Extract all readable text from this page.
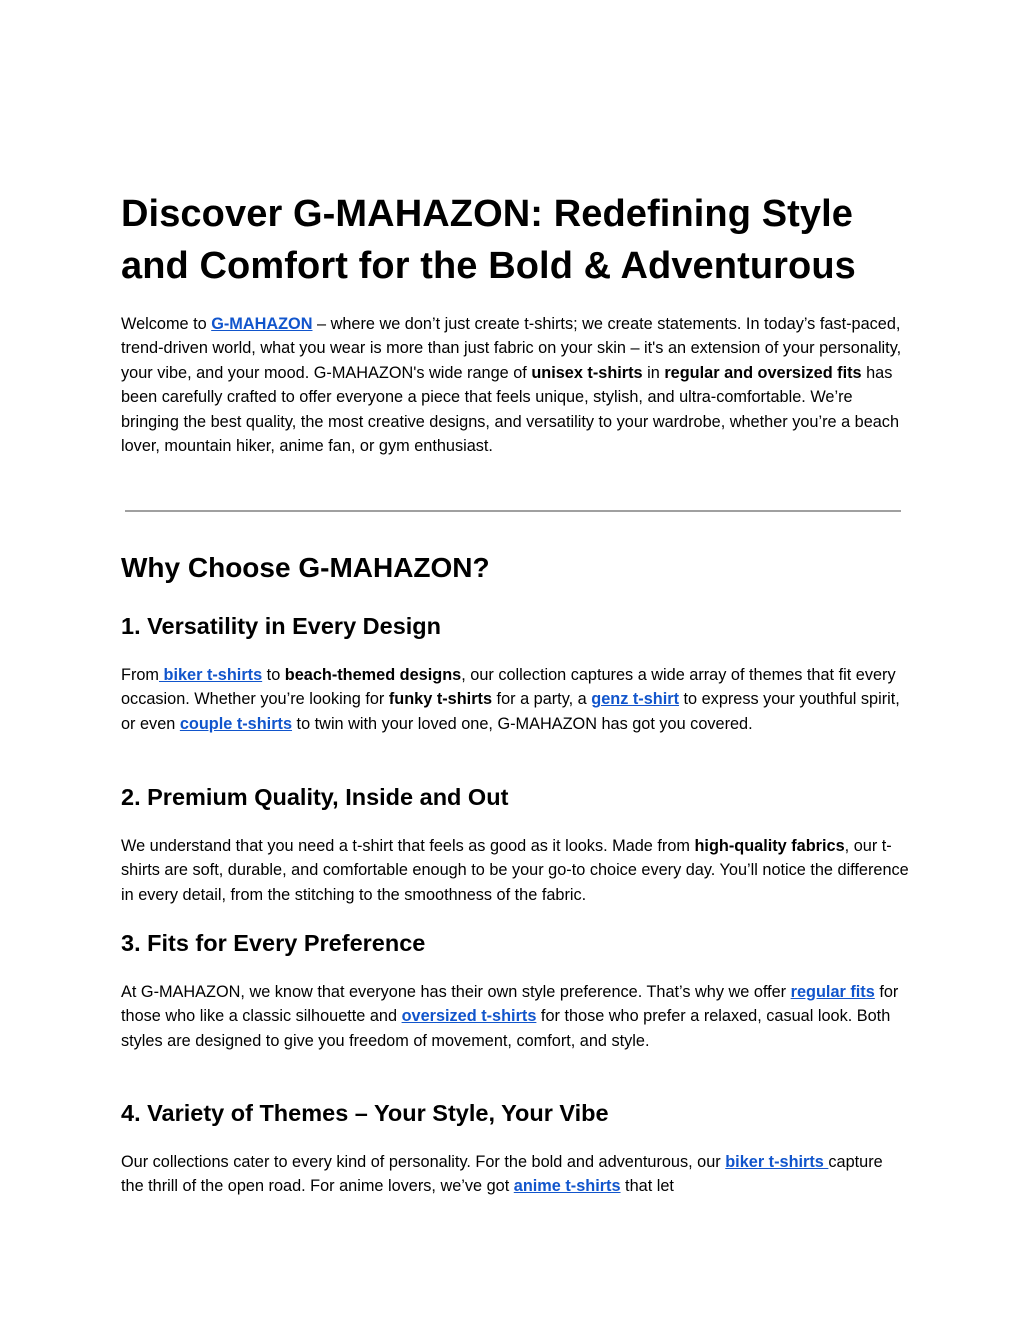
Discover G-MAHAZON: Redefining Style and Comfort for the Bold & Adventurous

Welcome to G-MAHAZON – where we don’t just create t-shirts; we create statements. In today’s fast-paced, trend-driven world, what you wear is more than just fabric on your skin – it's an extension of your personality, your vibe, and your mood. G-MAHAZON's wide range of unisex t-shirts in regular and oversized fits has been carefully crafted to offer everyone a piece that feels unique, stylish, and ultra-comfortable. We’re bringing the best quality, the most creative designs, and versatility to your wardrobe, whether you’re a beach lover, mountain hiker, anime fan, or gym enthusiast.

Why Choose G-MAHAZON?
1. Versatility in Every Design

From biker t-shirts to beach-themed designs, our collection captures a wide array of themes that fit every occasion. Whether you’re looking for funky t-shirts for a party, a genz t-shirt to express your youthful spirit, or even couple t-shirts to twin with your loved one, G-MAHAZON has got you covered.

2. Premium Quality, Inside and Out

We understand that you need a t-shirt that feels as good as it looks. Made from high-quality fabrics, our t-shirts are soft, durable, and comfortable enough to be your go-to choice every day. You’ll notice the difference in every detail, from the stitching to the smoothness of the fabric.

3. Fits for Every Preference

At G-MAHAZON, we know that everyone has their own style preference. That’s why we offer regular fits for those who like a classic silhouette and oversized t-shirts for those who prefer a relaxed, casual look. Both styles are designed to give you freedom of movement, comfort, and style.

4. Variety of Themes – Your Style, Your Vibe

Our collections cater to every kind of personality. For the bold and adventurous, our biker t-shirts capture the thrill of the open road. For anime lovers, we’ve got anime t-shirts that let
